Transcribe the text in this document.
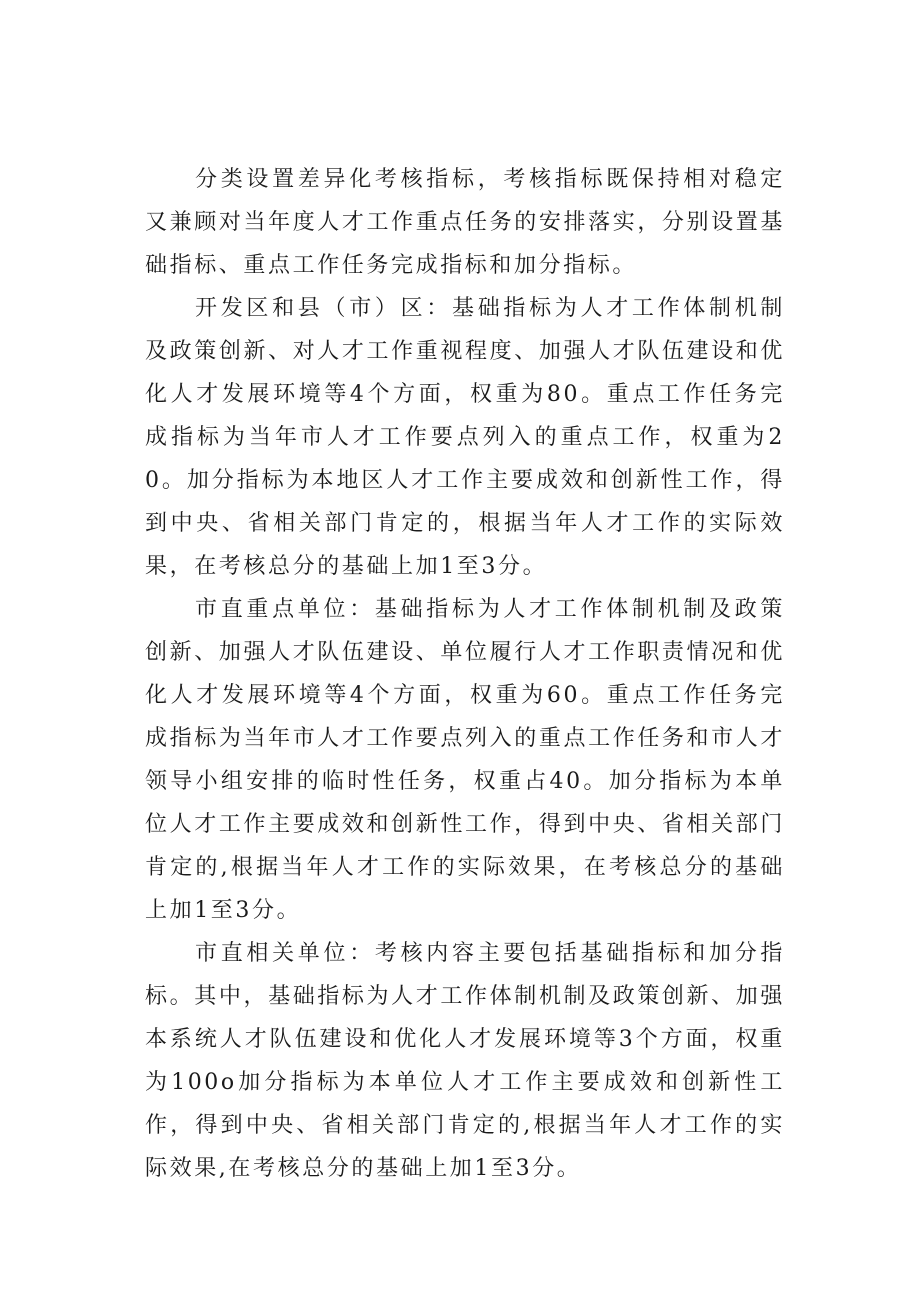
分类设置差异化考核指标，考核指标既保持相对稳定又兼顾对当年度人才工作重点任务的安排落实，分别设置基础指标、重点工作任务完成指标和加分指标。

开发区和县（市）区：基础指标为人才工作体制机制及政策创新、对人才工作重视程度、加强人才队伍建设和优化人才发展环境等4个方面，权重为80。重点工作任务完成指标为当年市人才工作要点列入的重点工作，权重为20。加分指标为本地区人才工作主要成效和创新性工作，得到中央、省相关部门肯定的，根据当年人才工作的实际效果，在考核总分的基础上加1至3分。

市直重点单位：基础指标为人才工作体制机制及政策创新、加强人才队伍建设、单位履行人才工作职责情况和优化人才发展环境等4个方面，权重为60。重点工作任务完成指标为当年市人才工作要点列入的重点工作任务和市人才领导小组安排的临时性任务，权重占40。加分指标为本单位人才工作主要成效和创新性工作，得到中央、省相关部门肯定的,根据当年人才工作的实际效果，在考核总分的基础上加1至3分。

市直相关单位：考核内容主要包括基础指标和加分指标。其中，基础指标为人才工作体制机制及政策创新、加强本系统人才队伍建设和优化人才发展环境等3个方面，权重为100o加分指标为本单位人才工作主要成效和创新性工作，得到中央、省相关部门肯定的,根据当年人才工作的实际效果,在考核总分的基础上加1至3分。
